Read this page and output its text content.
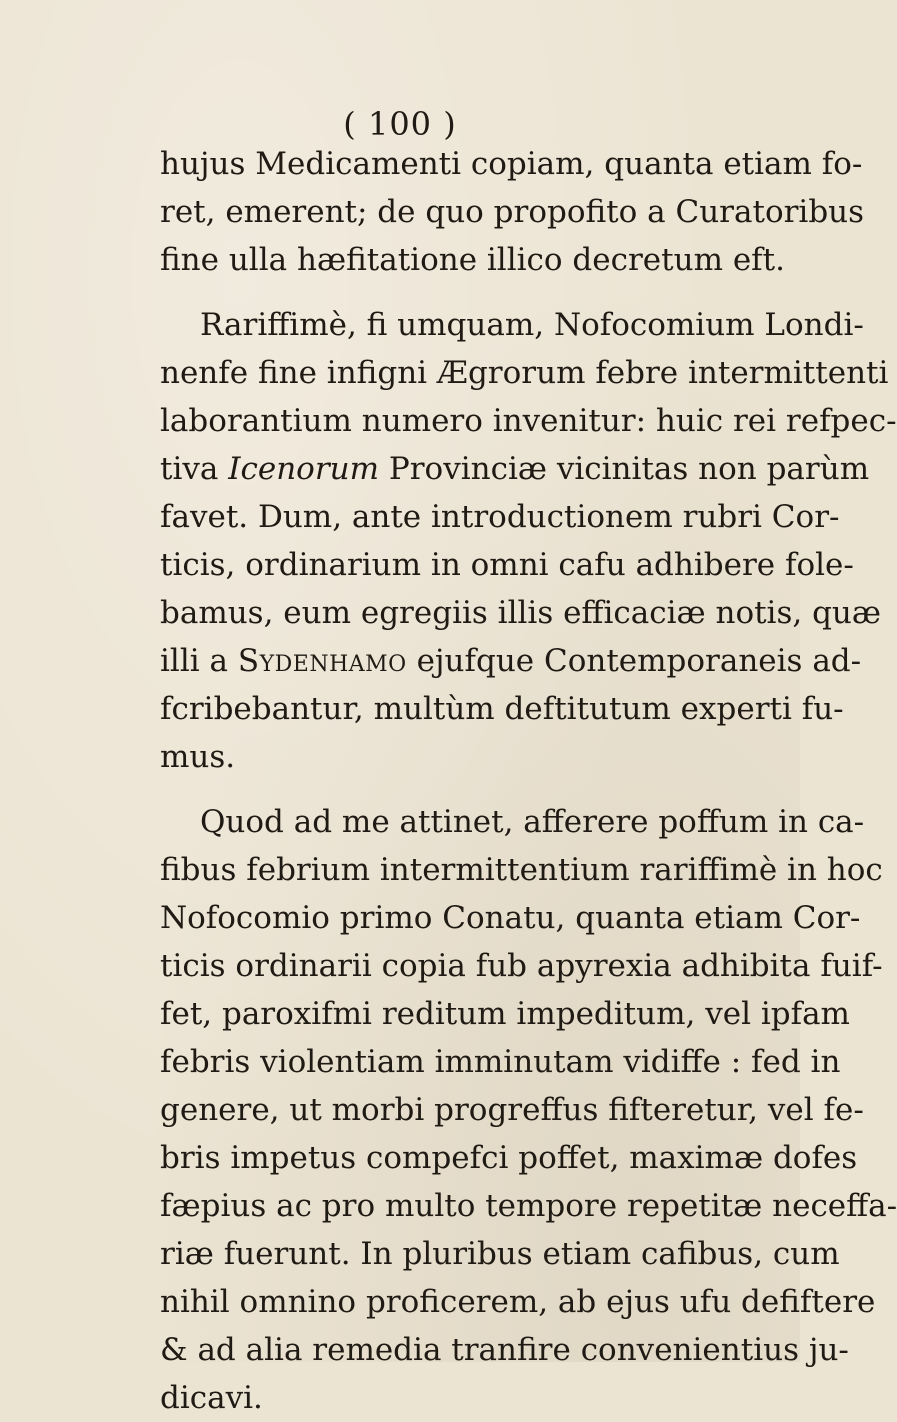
( 100 )
hujus Medicamenti copiam, quanta etiam fo-
ret, emerent; de quo propofito a Curatoribus
fine ulla hæfitatione illico decretum eft.
Rariffimè, fi umquam, Nofocomium Londi-
nenfe fine infigni Ægrorum febre intermittenti
laborantium numero invenitur: huic rei refpec-
tiva Icenorum Provinciæ vicinitas non parùm
favet. Dum, ante introductionem rubri Cor-
ticis, ordinarium in omni cafu adhibere fole-
bamus, eum egregiis illis efficaciæ notis, quæ
illi a Sydenhamo ejufque Contemporaneis ad-
fcribebantur, multùm deftitutum experti fu-
mus.
Quod ad me attinet, afferere poffum in ca-
fibus febrium intermittentium rariffimè in hoc
Nofocomio primo Conatu, quanta etiam Cor-
ticis ordinarii copia fub apyrexia adhibita fuif-
fet, paroxifmi reditum impeditum, vel ipfam
febris violentiam imminutam vidiffe : fed in
genere, ut morbi progreffus fifteretur, vel fe-
bris impetus compefci poffet, maximæ dofes
fæpius ac pro multo tempore repetitæ neceffa-
riæ fuerunt. In pluribus etiam cafibus, cum
nihil omnino proficerem, ab ejus ufu defiftere
& ad alia remedia tranfire convenientius ju-
dicavi.
